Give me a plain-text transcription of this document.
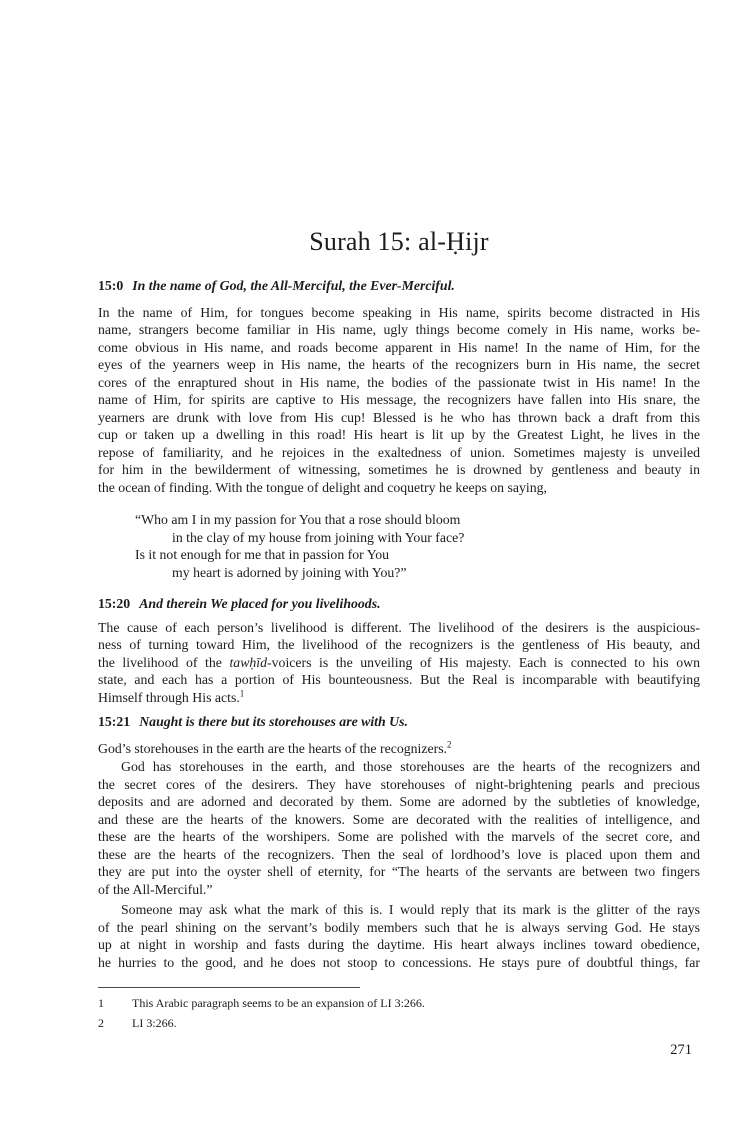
Surah 15: al-Ḥijr
15:0 In the name of God, the All-Merciful, the Ever-Merciful.
In the name of Him, for tongues become speaking in His name, spirits become distracted in His
name, strangers become familiar in His name, ugly things become comely in His name, works be-
come obvious in His name, and roads become apparent in His name! In the name of Him, for the
eyes of the yearners weep in His name, the hearts of the recognizers burn in His name, the secret
cores of the enraptured shout in His name, the bodies of the passionate twist in His name! In the
name of Him, for spirits are captive to His message, the recognizers have fallen into His snare, the
yearners are drunk with love from His cup! Blessed is he who has thrown back a draft from this
cup or taken up a dwelling in this road! His heart is lit up by the Greatest Light, he lives in the
repose of familiarity, and he rejoices in the exaltedness of union. Sometimes majesty is unveiled
for him in the bewilderment of witnessing, sometimes he is drowned by gentleness and beauty in
the ocean of finding. With the tongue of delight and coquetry he keeps on saying,
“Who am I in my passion for You that a rose should bloom
in the clay of my house from joining with Your face?
Is it not enough for me that in passion for You
my heart is adorned by joining with You?”
15:20 And therein We placed for you livelihoods.
The cause of each person’s livelihood is different. The livelihood of the desirers is the auspicious-
ness of turning toward Him, the livelihood of the recognizers is the gentleness of His beauty, and
the livelihood of the tawḥīd-voicers is the unveiling of His majesty. Each is connected to his own
state, and each has a portion of His bounteousness. But the Real is incomparable with beautifying
Himself through His acts.$^1$
15:21 Naught is there but its storehouses are with Us.
God’s storehouses in the earth are the hearts of the recognizers.$^2$
God has storehouses in the earth, and those storehouses are the hearts of the recognizers and
the secret cores of the desirers. They have storehouses of night-brightening pearls and precious
deposits and are adorned and decorated by them. Some are adorned by the subtleties of knowledge,
and these are the hearts of the knowers. Some are decorated with the realities of intelligence, and
these are the hearts of the worshipers. Some are polished with the marvels of the secret core, and
these are the hearts of the recognizers. Then the seal of lordhood’s love is placed upon them and
they are put into the oyster shell of eternity, for “The hearts of the servants are between two fingers
of the All-Merciful.”
Someone may ask what the mark of this is. I would reply that its mark is the glitter of the rays
of the pearl shining on the servant’s bodily members such that he is always serving God. He stays
up at night in worship and fasts during the daytime. His heart always inclines toward obedience,
he hurries to the good, and he does not stoop to concessions. He stays pure of doubtful things, far
1	This Arabic paragraph seems to be an expansion of LI 3:266.
2	LI 3:266.
271
